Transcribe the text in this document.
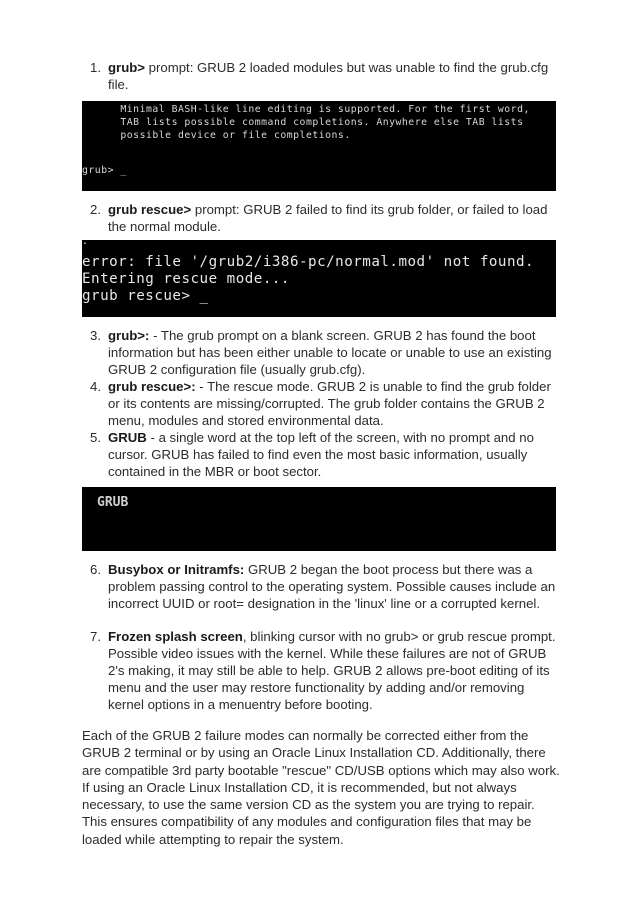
1. grub> prompt: GRUB 2 loaded modules but was unable to find the grub.cfg file.
Minimal BASH-like line editing is supported. For the first word,
TAB lists possible command completions. Anywhere else TAB lists
possible device or file completions.
grub> _
2. grub rescue> prompt: GRUB 2 failed to find its grub folder, or failed to load the normal module.
.
error: file '/grub2/i386-pc/normal.mod' not found.
Entering rescue mode...
grub rescue> _
3. grub>: - The grub prompt on a blank screen. GRUB 2 has found the boot information but has been either unable to locate or unable to use an existing GRUB 2 configuration file (usually grub.cfg).
4. grub rescue>: - The rescue mode. GRUB 2 is unable to find the grub folder or its contents are missing/corrupted. The grub folder contains the GRUB 2 menu, modules and stored environmental data.
5. GRUB - a single word at the top left of the screen, with no prompt and no cursor. GRUB has failed to find even the most basic information, usually contained in the MBR or boot sector.
GRUB
6. Busybox or Initramfs: GRUB 2 began the boot process but there was a problem passing control to the operating system. Possible causes include an incorrect UUID or root= designation in the 'linux' line or a corrupted kernel.
7. Frozen splash screen, blinking cursor with no grub> or grub rescue prompt. Possible video issues with the kernel. While these failures are not of GRUB 2's making, it may still be able to help. GRUB 2 allows pre-boot editing of its menu and the user may restore functionality by adding and/or removing kernel options in a menuentry before booting.

Each of the GRUB 2 failure modes can normally be corrected either from the GRUB 2 terminal or by using an Oracle Linux Installation CD. Additionally, there are compatible 3rd party bootable "rescue" CD/USB options which may also work. If using an Oracle Linux Installation CD, it is recommended, but not always necessary, to use the same version CD as the system you are trying to repair. This ensures compatibility of any modules and configuration files that may be loaded while attempting to repair the system.
